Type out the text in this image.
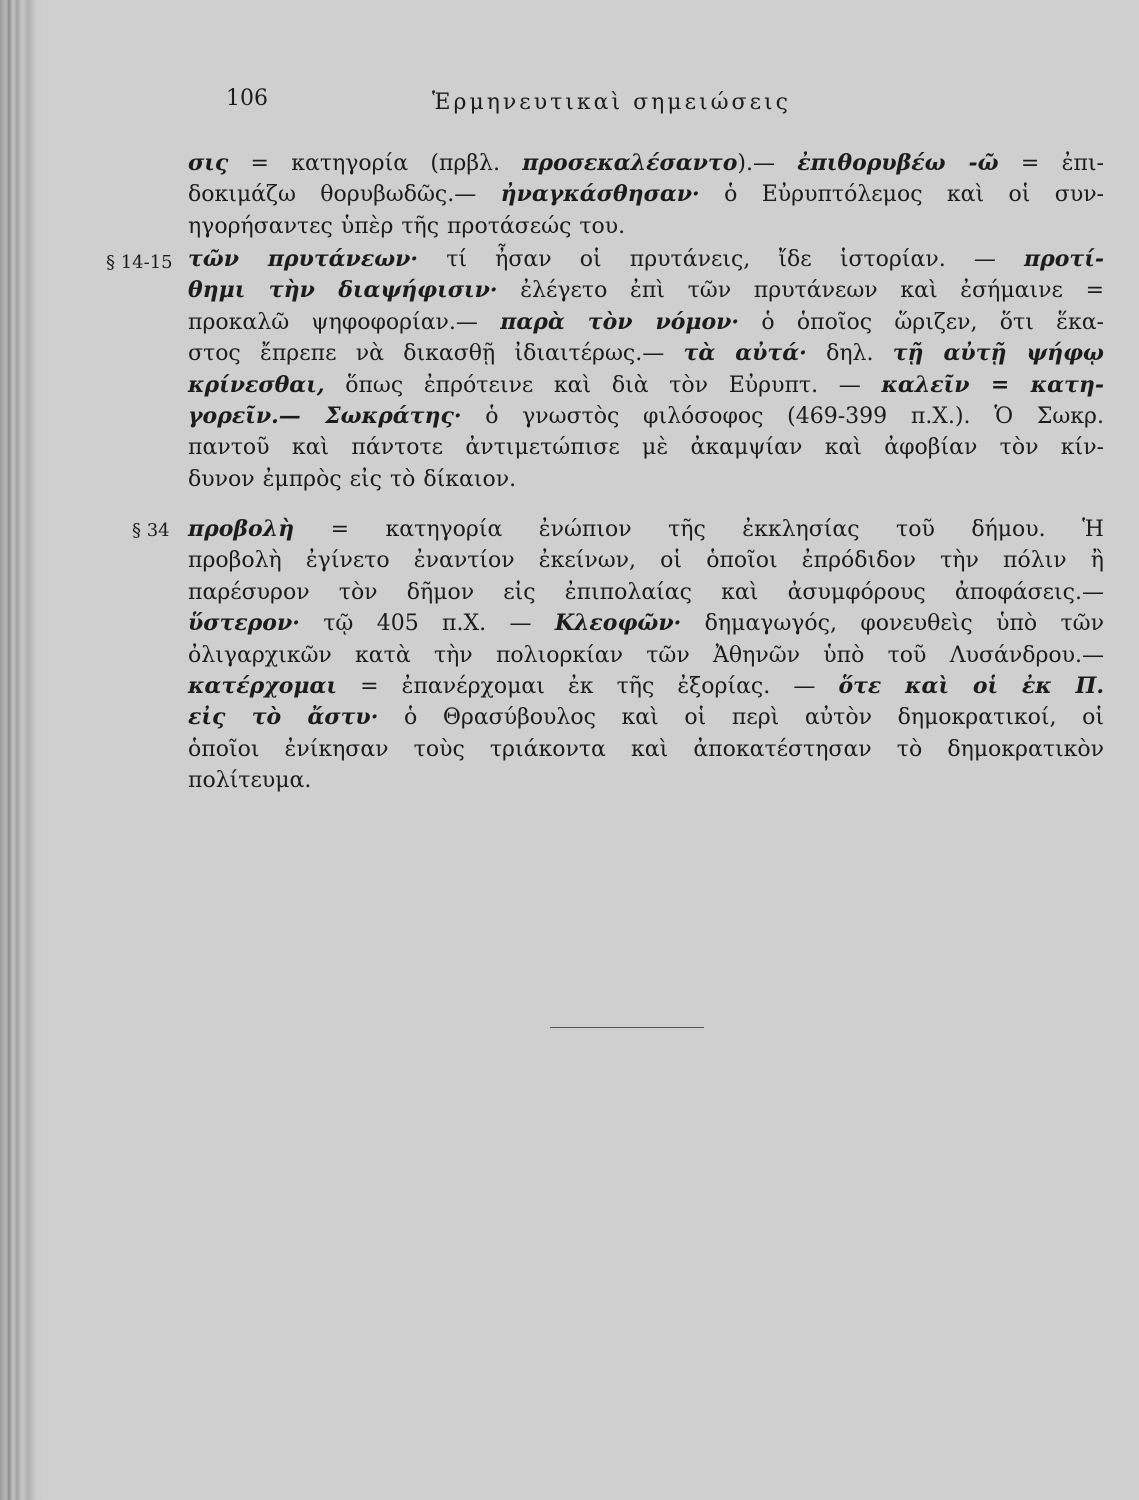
106	Ἑρμηνευτικαὶ σημειώσεις
σις = κατηγορία (πρβλ. προσεκαλέσαντο).— ἐπιθορυβέω -ῶ = ἐπι-
δοκιμάζω θορυβωδῶς.— ἠναγκάσθησαν· ὁ Εὐρυπτόλεμος καὶ οἱ συν-
ηγορήσαντες ὑπὲρ τῆς προτάσεώς του.
§ 14-15 τῶν πρυτάνεων· τί ἦσαν οἱ πρυτάνεις, ἴδε ἱστορίαν. — προτί-
θημι τὴν διαψήφισιν· ἐλέγετο ἐπὶ τῶν πρυτάνεων καὶ ἐσήμαινε =
προκαλῶ ψηφοφορίαν.— παρὰ τὸν νόμον· ὁ ὁποῖος ὥριζεν, ὅτι ἕκα-
στος ἔπρεπε νὰ δικασθῇ ἰδιαιτέρως.— τὰ αὐτά· δηλ. τῇ αὐτῇ ψήφῳ
κρίνεσθαι, ὅπως ἐπρότεινε καὶ διὰ τὸν Εὐρυπτ. — καλεῖν = κατη-
γορεῖν.— Σωκράτης· ὁ γνωστὸς φιλόσοφος (469-399 π.Χ.). Ὁ Σωκρ.
παντοῦ καὶ πάντοτε ἀντιμετώπισε μὲ ἀκαμψίαν καὶ ἀφοβίαν τὸν κίν-
δυνον ἐμπρὸς εἰς τὸ δίκαιον.
§ 34 προβολὴ = κατηγορία ἐνώπιον τῆς ἐκκλησίας τοῦ δήμου. Ἡ
προβολὴ ἐγίνετο ἐναντίον ἐκείνων, οἱ ὁποῖοι ἐπρόδιδον τὴν πόλιν ἢ
παρέσυρον τὸν δῆμον εἰς ἐπιπολαίας καὶ ἀσυμφόρους ἀποφάσεις.—
ὕστερον· τῷ 405 π.Χ. — Κλεοφῶν· δημαγωγός, φονευθεὶς ὑπὸ τῶν
ὀλιγαρχικῶν κατὰ τὴν πολιορκίαν τῶν Ἀθηνῶν ὑπὸ τοῦ Λυσάνδρου.—
κατέρχομαι = ἐπανέρχομαι ἐκ τῆς ἐξορίας. — ὅτε καὶ οἱ ἐκ Π.
εἰς τὸ ἄστυ· ὁ Θρασύβουλος καὶ οἱ περὶ αὐτὸν δημοκρατικοί, οἱ
ὁποῖοι ἐνίκησαν τοὺς τριάκοντα καὶ ἀποκατέστησαν τὸ δημοκρατικὸν
πολίτευμα.
